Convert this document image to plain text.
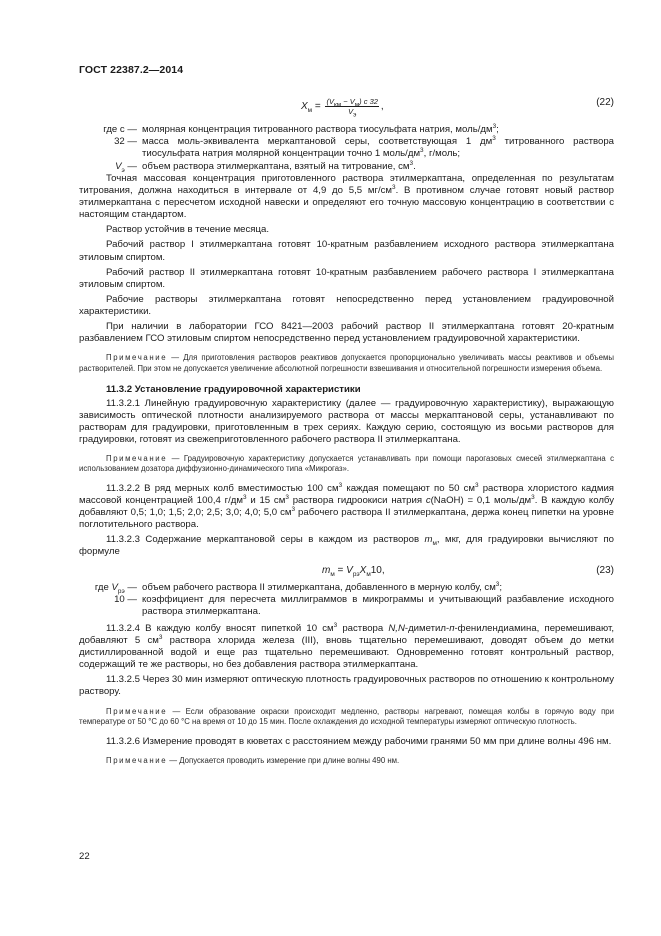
ГОСТ 22387.2—2014
$X_м = \frac{(V_{км} - V_м) c 32}{V_э}$ ,	(22)
где c — молярная концентрация титрованного раствора тиосульфата натрия, моль/$дм^3$;
32 — масса моль-эквивалента меркаптановой серы, соответствующая 1 $дм^3$ титрованного раствора тиосульфата натрия молярной концентрации точно 1 моль/$дм^3$, г/моль;
$V_э$ — объем раствора этилмеркаптана, взятый на титрование, $см^3$.

Точная массовая концентрация приготовленного раствора этилмеркаптана, определенная по результатам титрования, должна находиться в интервале от 4,9 до 5,5 $мг/см^3$. В противном случае готовят новый раствор этилмеркаптана с пересчетом исходной навески и определяют его точную массовую концентрацию в соответствии с настоящим стандартом.

Раствор устойчив в течение месяца.

Рабочий раствор I этилмеркаптана готовят 10-кратным разбавлением исходного раствора этилмеркаптана этиловым спиртом.

Рабочий раствор II этилмеркаптана готовят 10-кратным разбавлением рабочего раствора I этилмеркаптана этиловым спиртом.

Рабочие растворы этилмеркаптана готовят непосредственно перед установлением градуировочной характеристики.

При наличии в лаборатории ГСО 8421—2003 рабочий раствор II этилмеркаптана готовят 20-кратным разбавлением ГСО этиловым спиртом непосредственно перед установлением градуировочной характеристики.

Примечание — Для приготовления растворов реактивов допускается пропорционально увеличивать массы реактивов и объемы растворителей. При этом не допускается увеличение абсолютной погрешности взвешивания и относительной погрешности измерения объема.

11.3.2 Установление градуировочной характеристики

11.3.2.1 Линейную градуировочную характеристику (далее — градуировочную характеристику), выражающую зависимость оптической плотности анализируемого раствора от массы меркаптановой серы, устанавливают по растворам для градуировки, приготовленным в трех сериях. Каждую серию, состоящую из восьми растворов для градуировки, готовят из свежеприготовленного рабочего раствора II этилмеркаптана.

Примечание — Градуировочную характеристику допускается устанавливать при помощи парогазовых смесей этилмеркаптана с использованием дозатора диффузионно-динамического типа «Микрогаз».

11.3.2.2 В ряд мерных колб вместимостью 100 $см^3$ каждая помещают по 50 $см^3$ раствора хлористого кадмия массовой концентрацией 100,4 $г/дм^3$ и 15 $см^3$ раствора гидроокиси натрия c(NaOH) = 0,1 моль/$дм^3$. В каждую колбу добавляют 0,5; 1,0; 1,5; 2,0; 2,5; 3,0; 4,0; 5,0 $см^3$ рабочего раствора II этилмеркаптана, держа конец пипетки на уровне поглотительного раствора.

11.3.2.3 Содержание меркаптановой серы в каждом из растворов $m_м$, мкг, для градуировки вычисляют по формуле

$m_м = V_{рэ}X_м10$,	(23)
где $V_{рэ}$ — объем рабочего раствора II этилмеркаптана, добавленного в мерную колбу, $см^3$;
10 — коэффициент для пересчета миллиграммов в микрограммы и учитывающий разбавление исходного раствора этилмеркаптана.

11.3.2.4 В каждую колбу вносят пипеткой 10 $см^3$ раствора N,N-диметил-п-фенилендиамина, перемешивают, добавляют 5 $см^3$ раствора хлорида железа (III), вновь тщательно перемешивают, доводят объем до метки дистиллированной водой и еще раз тщательно перемешивают. Одновременно готовят контрольный раствор, содержащий те же растворы, но без добавления раствора этилмеркаптана.

11.3.2.5 Через 30 мин измеряют оптическую плотность градуировочных растворов по отношению к контрольному раствору.

Примечание — Если образование окраски происходит медленно, растворы нагревают, помещая колбы в горячую воду при температуре от 50 °С до 60 °С на время от 10 до 15 мин. После охлаждения до исходной температуры измеряют оптическую плотность.

11.3.2.6 Измерение проводят в кюветах с расстоянием между рабочими гранями 50 мм при длине волны 496 нм.

Примечание — Допускается проводить измерение при длине волны 490 нм.

22
